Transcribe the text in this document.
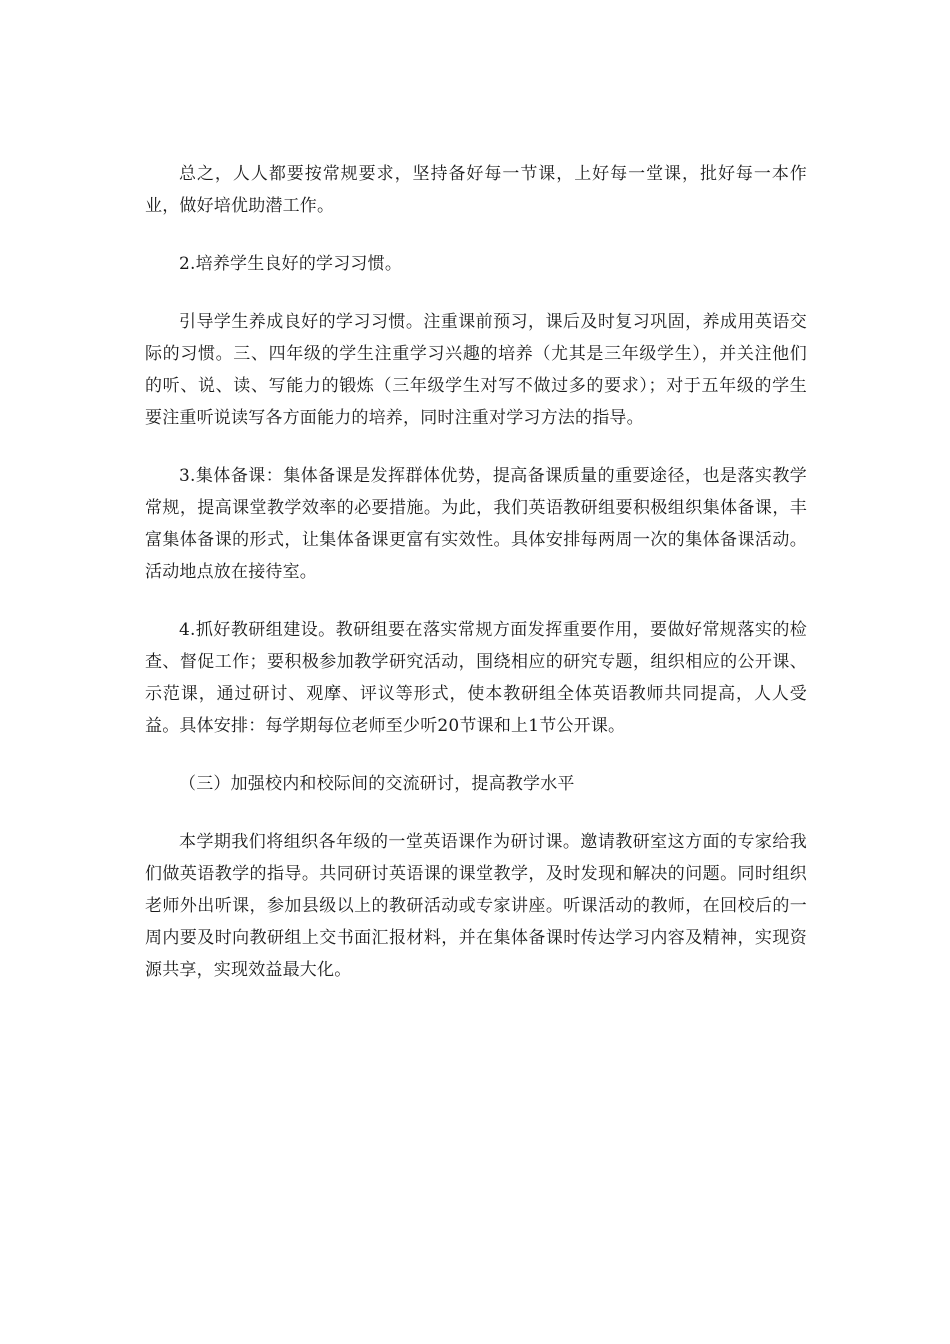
总之，人人都要按常规要求，坚持备好每一节课，上好每一堂课，批好每一本作业，做好培优助潜工作。

2.培养学生良好的学习习惯。

引导学生养成良好的学习习惯。注重课前预习，课后及时复习巩固，养成用英语交际的习惯。三、四年级的学生注重学习兴趣的培养（尤其是三年级学生），并关注他们的听、说、读、写能力的锻炼（三年级学生对写不做过多的要求）；对于五年级的学生要注重听说读写各方面能力的培养，同时注重对学习方法的指导。

3.集体备课：集体备课是发挥群体优势，提高备课质量的重要途径，也是落实教学常规，提高课堂教学效率的必要措施。为此，我们英语教研组要积极组织集体备课，丰富集体备课的形式，让集体备课更富有实效性。具体安排每两周一次的集体备课活动。活动地点放在接待室。

4.抓好教研组建设。教研组要在落实常规方面发挥重要作用，要做好常规落实的检查、督促工作；要积极参加教学研究活动，围绕相应的研究专题，组织相应的公开课、示范课，通过研讨、观摩、评议等形式，使本教研组全体英语教师共同提高，人人受益。具体安排：每学期每位老师至少听20节课和上1节公开课。

（三）加强校内和校际间的交流研讨，提高教学水平

本学期我们将组织各年级的一堂英语课作为研讨课。邀请教研室这方面的专家给我们做英语教学的指导。共同研讨英语课的课堂教学，及时发现和解决的问题。同时组织老师外出听课，参加县级以上的教研活动或专家讲座。听课活动的教师，在回校后的一周内要及时向教研组上交书面汇报材料，并在集体备课时传达学习内容及精神，实现资源共享，实现效益最大化。
